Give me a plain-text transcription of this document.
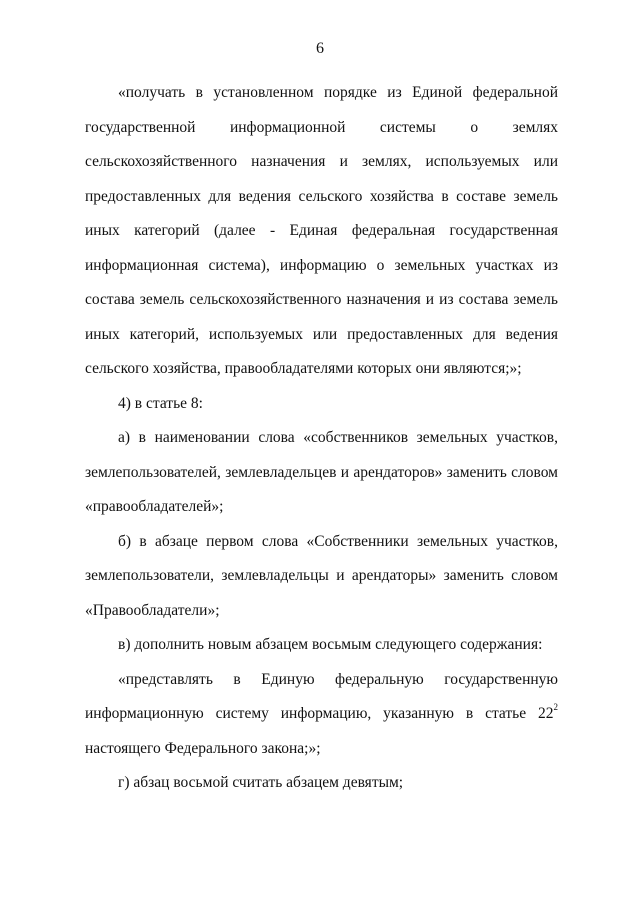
6

«получать в установленном порядке из Единой федеральной государственной информационной системы о землях сельскохозяйственного назначения и землях, используемых или предоставленных для ведения сельского хозяйства в составе земель иных категорий (далее - Единая федеральная государственная информационная система), информацию о земельных участках из состава земель сельскохозяйственного назначения и из состава земель иных категорий, используемых или предоставленных для ведения сельского хозяйства, правообладателями которых они являются;»;

4) в статье 8:

а) в наименовании слова «собственников земельных участков, землепользователей, землевладельцев и арендаторов» заменить словом «правообладателей»;

б) в абзаце первом слова «Собственники земельных участков, землепользователи, землевладельцы и арендаторы» заменить словом «Правообладатели»;

в) дополнить новым абзацем восьмым следующего содержания:

«представлять в Единую федеральную государственную информационную систему информацию, указанную в статье $22^2$ настоящего Федерального закона;»;

г) абзац восьмой считать абзацем девятым;
